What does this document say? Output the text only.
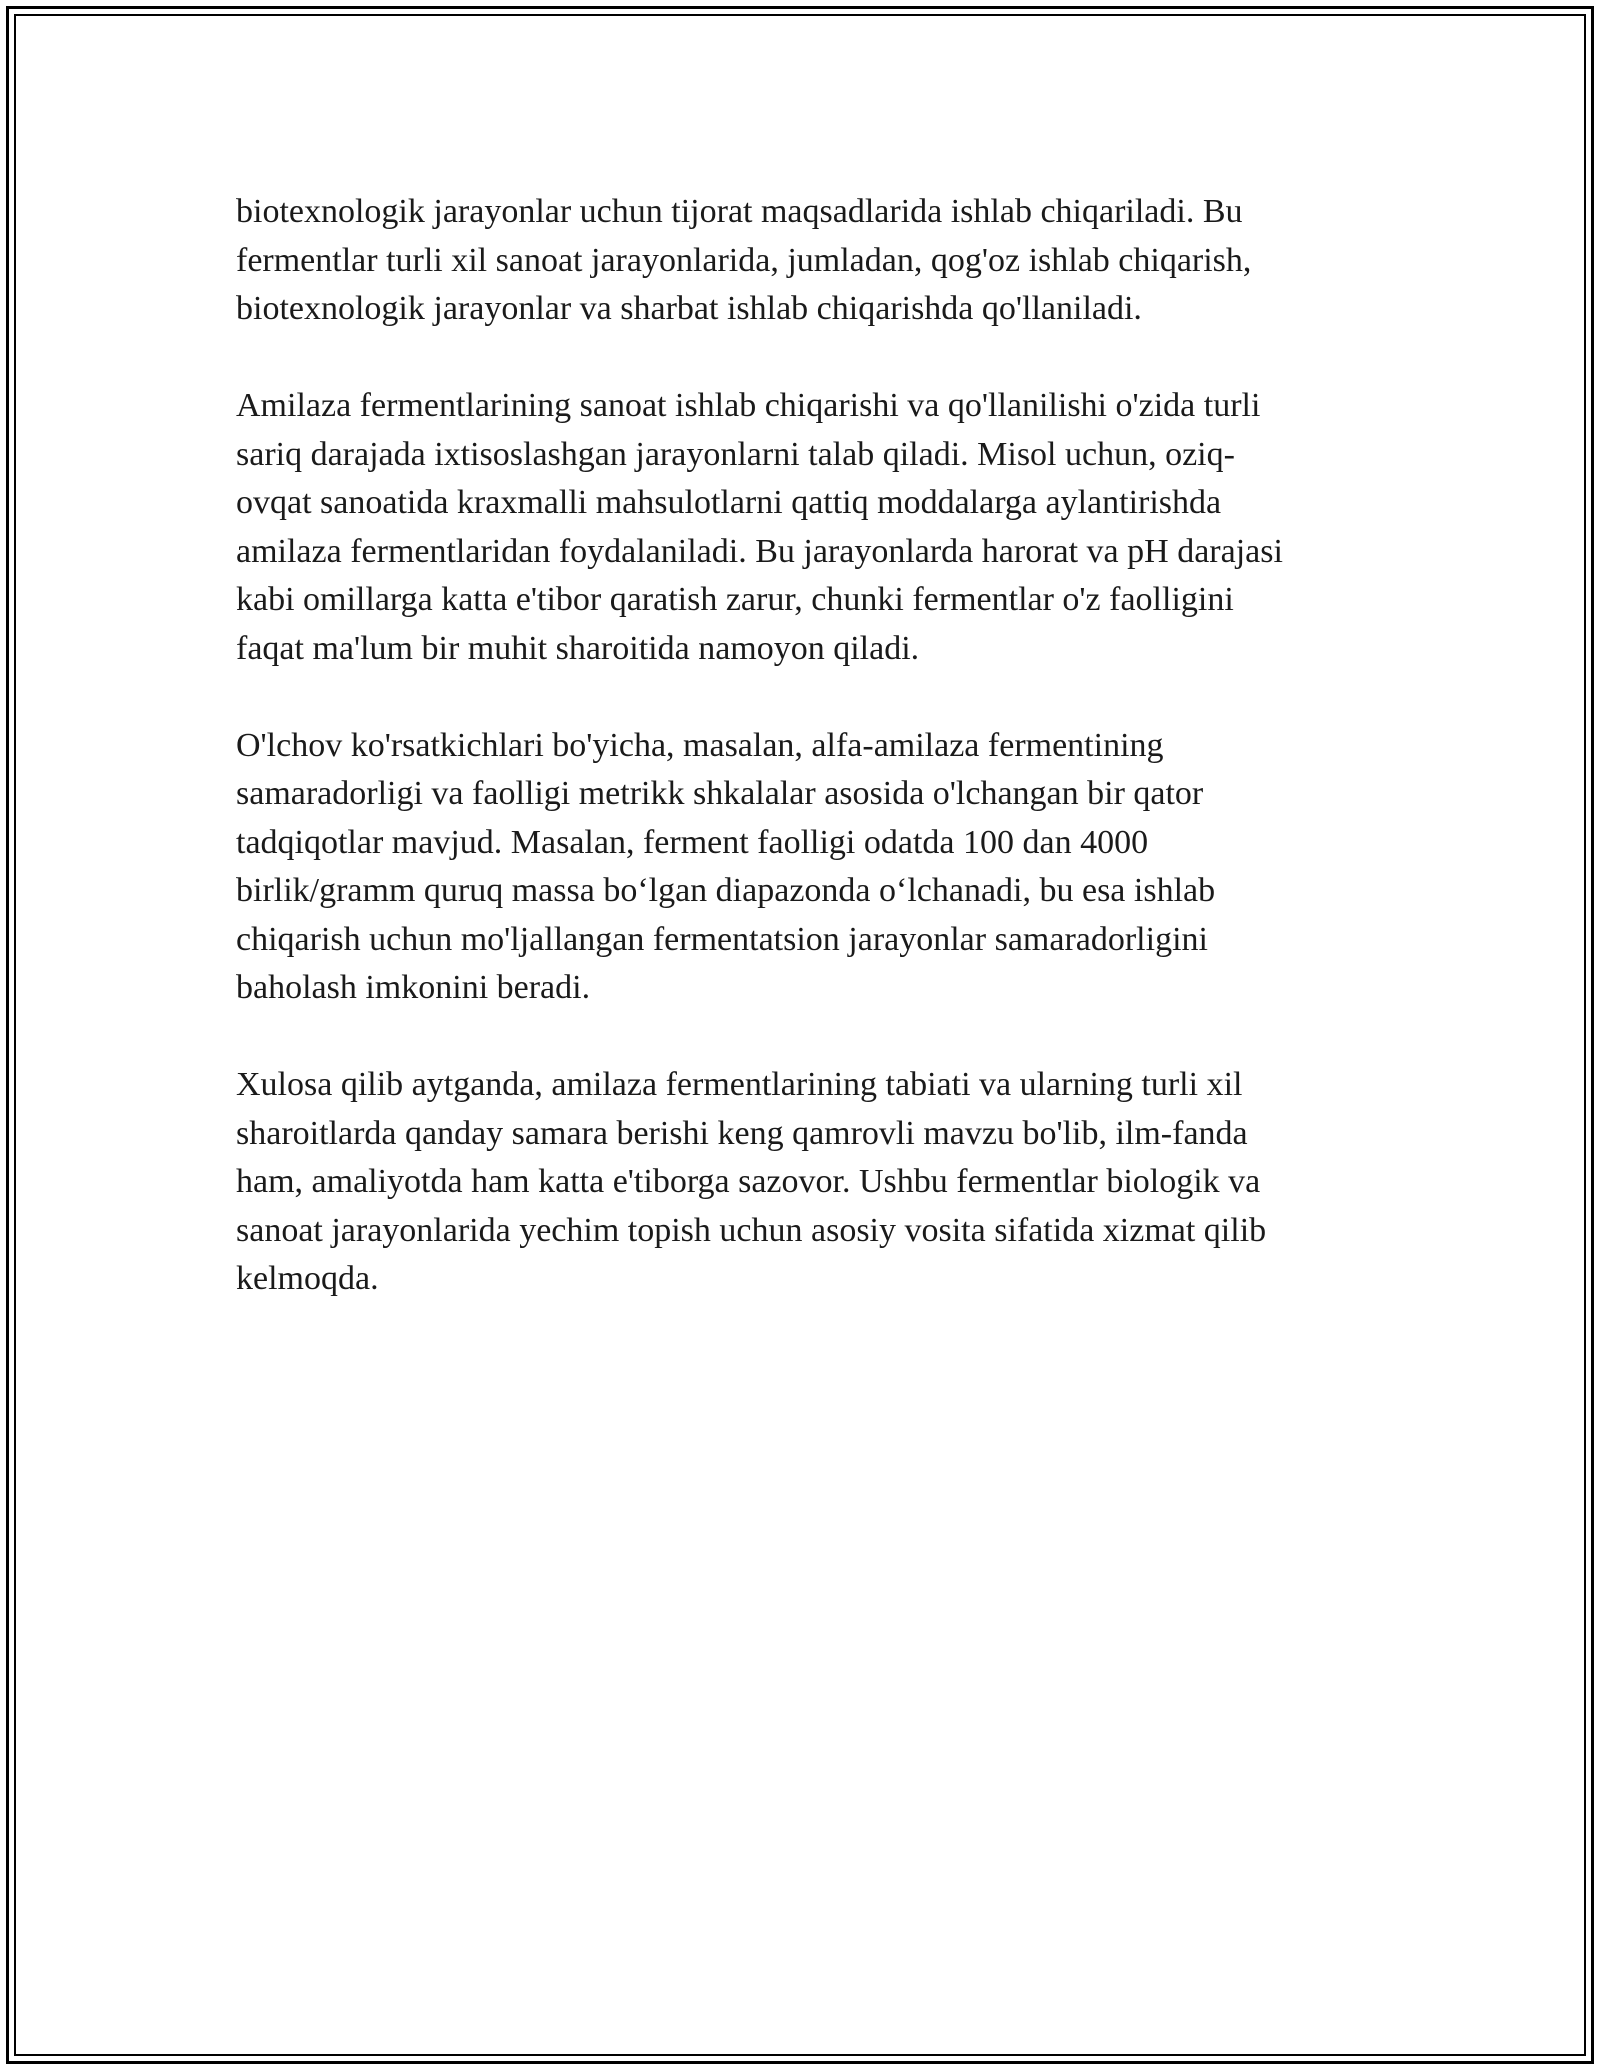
biotexnologik jarayonlar uchun tijorat maqsadlarida ishlab chiqariladi. Bu
fermentlar turli xil sanoat jarayonlarida, jumladan, qog'oz ishlab chiqarish,
biotexnologik jarayonlar va sharbat ishlab chiqarishda qo'llaniladi.

Amilaza fermentlarining sanoat ishlab chiqarishi va qo'llanilishi o'zida turli
sariq darajada ixtisoslashgan jarayonlarni talab qiladi. Misol uchun, oziq-
ovqat sanoatida kraxmalli mahsulotlarni qattiq moddalarga aylantirishda
amilaza fermentlaridan foydalaniladi. Bu jarayonlarda harorat va pH darajasi
kabi omillarga katta e'tibor qaratish zarur, chunki fermentlar o'z faolligini
faqat ma'lum bir muhit sharoitida namoyon qiladi.

O'lchov ko'rsatkichlari bo'yicha, masalan, alfa-amilaza fermentining
samaradorligi va faolligi metrikk shkalalar asosida o'lchangan bir qator
tadqiqotlar mavjud. Masalan, ferment faolligi odatda 100 dan 4000
birlik/gramm quruq massa bo‘lgan diapazonda o‘lchanadi, bu esa ishlab
chiqarish uchun mo'ljallangan fermentatsion jarayonlar samaradorligini
baholash imkonini beradi.

Xulosa qilib aytganda, amilaza fermentlarining tabiati va ularning turli xil
sharoitlarda qanday samara berishi keng qamrovli mavzu bo'lib, ilm-fanda
ham, amaliyotda ham katta e'tiborga sazovor. Ushbu fermentlar biologik va
sanoat jarayonlarida yechim topish uchun asosiy vosita sifatida xizmat qilib
kelmoqda.
